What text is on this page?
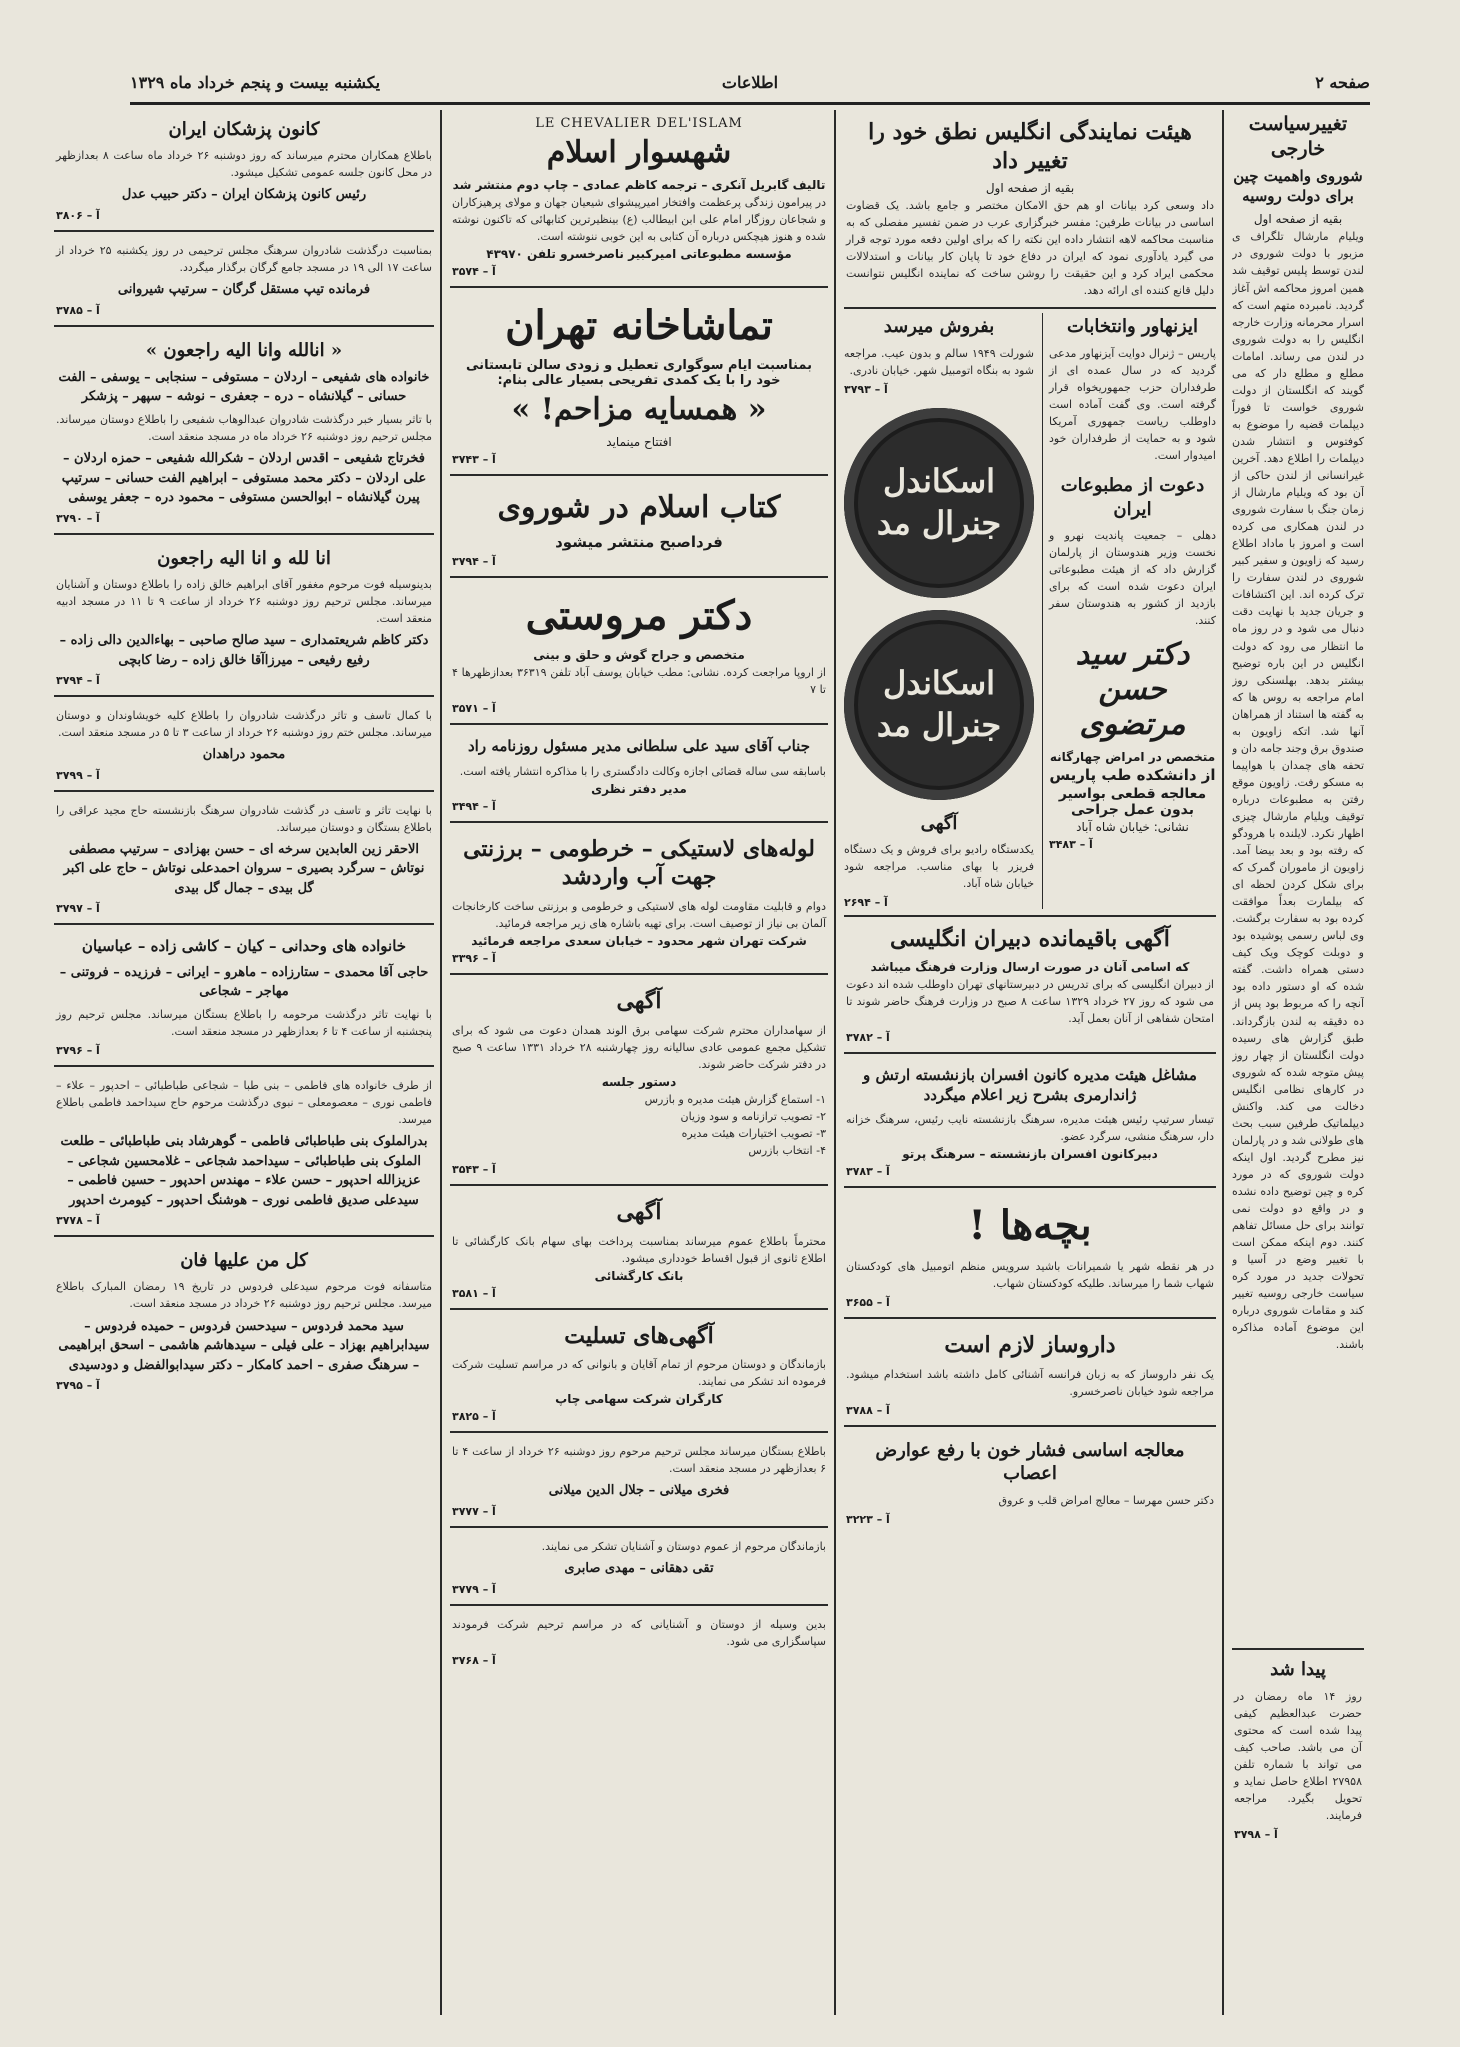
صفحه ۲
اطلاعات
یکشنبه بیست و پنجم خرداد ماه ۱۳۲۹
تغییرسیاست خارجی
شوروی واهمیت چین برای دولت روسیه
بقیه از صفحه اول
ویلیام مارشال تلگراف ی مزبور با دولت شوروی در لندن توسط پلیس توقیف شد همین امروز محاکمه اش آغاز گردید. نامبرده متهم است که اسرار محرمانه وزارت خارجه انگلیس را به دولت شوروی در لندن می رساند. امامات مطلع و مطلع دار که می گویند که انگلستان از دولت شوروی خواست تا فوراً دیپلمات قضیه را موضوع به کوفتوس و انتشار شدن دیپلمات را اطلاع دهد. آخرین غیرانسانی از لندن حاکی از آن بود که ویلیام مارشال از زمان جنگ با سفارت شوروی در لندن همکاری می کرده است و امروز با ماداد اطلاع رسید که زاویون و سفیر کبیر شوروی در لندن سفارت را ترک کرده اند. این اکتشافات و جریان جدید با نهایت دقت دنبال می شود و در روز ماه ما انتظار می رود که دولت انگلیس در این باره توضیح بیشتر بدهد. بهلسنکی روز امام مراجعه به روس ها که به گفته ها استناد از همراهان آنها شد. اتکه زاویون به صندوق برق وجند جامه دان و تحفه های چمدان با هواپیما به مسکو رفت. زاویون موقع رفتن به مطبوعات درباره توقیف ویلیام مارشال چیزی اظهار نکرد. لایلنده با هرودگو که رفته بود و بعد بیضا آمد. زاویون از ماموران گمرک که برای شکل کردن لحظه ای که بیلمارت بعداً موافقت کرده بود به سفارت برگشت. وی لباس رسمی پوشیده بود و دوبلت کوچک ویک کیف دستی همراه داشت. گفته شده که او دستور داده بود آنچه را که مربوط بود پس از ده دقیقه به لندن بازگرداند. طبق گزارش های رسیده دولت انگلستان از چهار روز پیش متوجه شده که شوروی در کارهای نظامی انگلیس دخالت می کند. واکنش دیپلماتیک طرفین سبب بحث های طولانی شد و در پارلمان نیز مطرح گردید. اول اینکه دولت شوروی که در مورد کره و چین توضیح داده نشده و در واقع دو دولت نمی توانند برای حل مسائل تفاهم کنند. دوم اینکه ممکن است با تغییر وضع در آسیا و تحولات جدید در مورد کره سیاست خارجی روسیه تغییر کند و مقامات شوروی درباره این موضوع آماده مذاکره باشند.
پیدا شد
روز ۱۴ ماه رمضان در حضرت عبدالعظیم کیفی پیدا شده است که محتوی آن می باشد. صاحب کیف می تواند با شماره تلفن ۲۷۹۵۸ اطلاع حاصل نماید و تحویل بگیرد. مراجعه فرمایند.
آ – ۳۷۹۸
هیئت نمایندگی انگلیس نطق خود را تغییر داد
بقیه از صفحه اول
داد وسعی کرد بیانات او هم حق الامکان مختصر و جامع باشد. یک قضاوت اساسی در بیانات طرفین: مفسر خبرگزاری عرب در ضمن تفسیر مفصلی که به مناسبت محاکمه لاهه انتشار داده این نکته را که برای اولین دفعه مورد توجه قرار می گیرد یادآوری نمود که ایران در دفاع خود تا پایان کار بیانات و استدلالات محکمی ایراد کرد و این حقیقت را روشن ساخت که نماینده انگلیس نتوانست دلیل قانع کننده ای ارائه دهد.
ایزنهاور وانتخابات
پاریس – ژنرال دوایت آیزنهاور مدعی گردید که در سال عمده ای از طرفداران حزب جمهوریخواه قرار گرفته است. وی گفت آماده است داوطلب ریاست جمهوری آمریکا شود و به حمایت از طرفداران خود امیدوار است.
دعوت از مطبوعات ایران
دهلی – جمعیت پانديت نهرو و نخست وزیر هندوستان از پارلمان گزارش داد که از هیئت مطبوعاتی ایران دعوت شده است که برای بازدید از کشور به هندوستان سفر کنند.
دکتر سید حسن مرتضوی
متخصص در امراض چهارگانه
از دانشکده طب پاریس
معالجه قطعی بواسیر بدون عمل جراحی
نشانی: خیابان شاه آباد
آ – ۳۴۸۳
بفروش میرسد
شورلت ۱۹۴۹ سالم و بدون عیب. مراجعه شود به بنگاه اتومبیل شهر. خیابان نادری.
آ – ۳۷۹۳
اسکاندل
جنرال مد
اسکاندل
جنرال مد
آگهی
یکدستگاه رادیو برای فروش و یک دستگاه فریزر با بهای مناسب. مراجعه شود خیابان شاه آباد.
آ – ۲۶۹۴
آگهی باقیمانده دبیران انگلیسی
که اسامی آنان در صورت ارسال وزارت فرهنگ میباشد
از دبیران انگلیسی که برای تدریس در دبیرستانهای تهران داوطلب شده اند دعوت می شود که روز ۲۷ خرداد ۱۳۲۹ ساعت ۸ صبح در وزارت فرهنگ حاضر شوند تا امتحان شفاهی از آنان بعمل آید.
آ – ۳۷۸۲
مشاغل هیئت مدیره کانون افسران بازنشسته ارتش و ژاندارمری بشرح زیر اعلام میگردد
تیسار سرتیپ رئیس هیئت مدیره، سرهنگ بازنشسته نایب رئیس، سرهنگ خزانه دار، سرهنگ منشی، سرگرد عضو.
دبیرکانون افسران بازنشسته – سرهنگ پرتو
آ – ۳۷۸۳
بچه‌ها !
در هر نقطه شهر یا شمیرانات باشید سرویس منظم اتومبیل های کودکستان شهاب شما را میرساند. طلیکه کودکستان شهاب.
آ – ۳۶۵۵
داروساز لازم است
یک نفر داروساز که به زبان فرانسه آشنائی کامل داشته باشد استخدام میشود. مراجعه شود خیابان ناصرخسرو.
آ – ۳۷۸۸
معالجه اساسی فشار خون با رفع عوارض اعصاب
دکتر حسن مهرسا – معالج امراض قلب و عروق
آ – ۳۲۲۳
LE CHEVALIER DEL'ISLAM
شهسوار اسلام
تالیف گابریل آنکری – ترجمه کاظم عمادی – چاپ دوم منتشر شد
در پیرامون زندگی پرعظمت وافتخار امیرپیشوای شیعیان جهان و مولای پرهیزکاران و شجاعان روزگار امام علی ابن ابیطالب (ع) بینظیرترین کتابهائی که تاکنون نوشته شده و هنوز هیچکس درباره آن کتابی به این خوبی ننوشته است.
مؤسسه مطبوعاتی امیرکبیر ناصرخسرو تلفن ۴۳۹۷۰
آ – ۳۵۷۴
تماشاخانه تهران
بمناسبت ایام سوگواری تعطیل و زودی سالن تابستانی خود را با یک کمدی تفریحی بسیار عالی بنام:
« همسایه مزاحم! »
افتتاح مینماید
آ – ۳۷۴۳
کتاب اسلام در شوروی
فرداصبح منتشر میشود
آ – ۳۷۹۴
دکتر مروستی
متخصص و جراح گوش و حلق و بینی
از اروپا مراجعت کرده. نشانی: مطب خیابان یوسف آباد تلفن ۳۶۳۱۹ بعدازظهرها ۴ تا ۷
آ – ۳۵۷۱
جناب آقای سید علی سلطانی مدیر مسئول روزنامه راد
باسابقه سی ساله قضائی اجازه وکالت دادگستری را با مذاکره انتشار یافته است.
مدیر دفتر نظری
آ – ۳۴۹۴
لوله‌های لاستیکی – خرطومی – برزنتی جهت آب واردشد
دوام و قابلیت مقاومت لوله های لاستیکی و خرطومی و برزنتی ساخت کارخانجات آلمان بی نیاز از توصیف است. برای تهیه باشاره های زیر مراجعه فرمائید.
شرکت تهران شهر محدود – خیابان سعدی مراجعه فرمائید
آ – ۳۳۹۶
آگهی
از سهامداران محترم شرکت سهامی برق الوند همدان دعوت می شود که برای تشکیل مجمع عمومی عادی سالیانه روز چهارشنبه ۲۸ خرداد ۱۳۳۱ ساعت ۹ صبح در دفتر شرکت حاضر شوند.
دستور جلسه
۱- استماع گزارش هیئت مدیره و بازرس
۲- تصویب ترازنامه و سود وزیان
۳- تصویب اختیارات هیئت مدیره
۴- انتخاب بازرس
آ – ۳۵۴۳
آگهی
محترماً باطلاع عموم میرساند بمناسبت پرداخت بهای سهام بانک کارگشائی تا اطلاع ثانوی از قبول اقساط خودداری میشود.
بانک کارگشائی
آ – ۳۵۸۱
آگهی‌های تسلیت
بازماندگان و دوستان مرحوم از تمام آقایان و بانوانی که در مراسم تسلیت شرکت فرموده اند تشکر می نمایند.
کارگران شرکت سهامی چاپ
آ – ۳۸۲۵
باطلاع بستگان میرساند مجلس ترحیم مرحوم روز دوشنبه ۲۶ خرداد از ساعت ۴ تا ۶ بعدازظهر در مسجد منعقد است.
فخری میلانی – جلال الدین میلانی
آ – ۳۷۷۷
بازماندگان مرحوم از عموم دوستان و آشنایان تشکر می نمایند.
تقی دهقانی – مهدی صابری
آ – ۳۷۷۹
بدین وسیله از دوستان و آشنایانی که در مراسم ترحیم شرکت فرمودند سپاسگزاری می شود.
آ – ۳۷۶۸
کانون پزشکان ایران
باطلاع همکاران محترم میرساند که روز دوشنبه ۲۶ خرداد ماه ساعت ۸ بعدازظهر در محل کانون جلسه عمومی تشکیل میشود.
رئیس کانون پزشکان ایران – دکتر حبیب عدل
آ – ۳۸۰۶
بمناسبت درگذشت شادروان سرهنگ مجلس ترحیمی در روز یکشنبه ۲۵ خرداد از ساعت ۱۷ الی ۱۹ در مسجد جامع گرگان برگذار میگردد.
فرمانده تیپ مستقل گرگان – سرتیپ شیروانی
آ – ۳۷۸۵
« انالله وانا الیه راجعون »
خانواده های شفیعی – اردلان – مستوفی – سنجابی – یوسفی – الفت حسانی – گیلانشاه – دره – جعفری – نوشه – سپهر – پزشکر
با تاثر بسیار خبر درگذشت شادروان عبدالوهاب شفیعی را باطلاع دوستان میرساند. مجلس ترحیم روز دوشنبه ۲۶ خرداد ماه در مسجد منعقد است.
فخرتاج شفیعی – اقدس اردلان – شکرالله شفیعی – حمزه اردلان – علی اردلان – دکتر محمد مستوفی – ابراهیم الفت حسانی – سرتیپ پیرن گیلانشاه – ابوالحسن مستوفی – محمود دره – جعفر یوسفی
آ – ۳۷۹۰
انا لله و انا الیه راجعون
بدینوسیله فوت مرحوم مغفور آقای ابراهیم خالق زاده را باطلاع دوستان و آشنایان میرساند. مجلس ترحیم روز دوشنبه ۲۶ خرداد از ساعت ۹ تا ۱۱ در مسجد ادبیه منعقد است.
دکتر کاظم شریعتمداری – سید صالح صاحبی – بهاءالدین دالی زاده – رفیع رفیعی – میرزاآقا خالق زاده – رضا کابچی
آ – ۳۷۹۴
با کمال تاسف و تاثر درگذشت شادروان را باطلاع کلیه خویشاوندان و دوستان میرساند. مجلس ختم روز دوشنبه ۲۶ خرداد از ساعت ۳ تا ۵ در مسجد منعقد است.
محمود دراهدان
آ – ۳۷۹۹
با نهایت تاثر و تاسف در گذشت شادروان سرهنگ بازنشسته حاج مجید عراقی را باطلاع بستگان و دوستان میرساند.
الاحقر زین العابدین سرخه ای – حسن بهزادی – سرتیپ مصطفی نوتاش – سرگرد بصیری – سروان احمدعلی نوتاش – حاج علی اکبر گل بیدی – جمال گل بیدی
آ – ۳۷۹۷
خانواده های وحدانی – کیان – کاشی زاده – عباسیان
حاجی آقا محمدی – ستارزاده – ماهرو – ایرانی – فرزیده – فروتنی – مهاجر – شجاعی
با نهایت تاثر درگذشت مرحومه را باطلاع بستگان میرساند. مجلس ترحیم روز پنجشنبه از ساعت ۴ تا ۶ بعدازظهر در مسجد منعقد است.
آ – ۳۷۹۶
از طرف خانواده های فاطمی – بنی طبا – شجاعی طباطبائی – احدپور – علاء – فاطمی نوری – معصومعلی – نبوی درگذشت مرحوم حاج سیداحمد فاطمی باطلاع میرسد.
بدرالملوک بنی طباطبائی فاطمی – گوهرشاد بنی طباطبائی – طلعت الملوک بنی طباطبائی – سیداحمد شجاعی – غلامحسین شجاعی – عزیزالله احدپور – حسن علاء – مهندس احدپور – حسین فاطمی – سیدعلی صدیق فاطمی نوری – هوشنگ احدپور – کیومرث احدپور
آ – ۳۷۷۸
کل من علیها فان
متاسفانه فوت مرحوم سیدعلی فردوس در تاریخ ۱۹ رمضان المبارک باطلاع میرسد. مجلس ترحیم روز دوشنبه ۲۶ خرداد در مسجد منعقد است.
سید محمد فردوس – سیدحسن فردوس – حمیده فردوس – سیدابراهیم بهزاد – علی فیلی – سیدهاشم هاشمی – اسحق ابراهیمی – سرهنگ صفری – احمد کامکار – دکتر سیدابوالفضل و دودسیدی
آ – ۳۷۹۵
